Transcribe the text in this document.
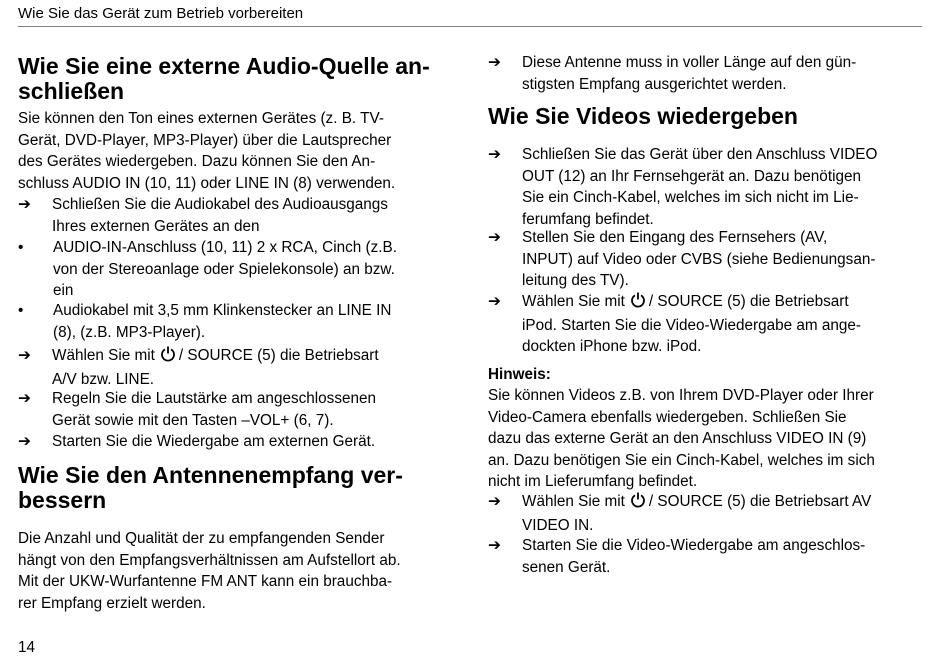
Wie Sie das Gerät zum Betrieb vorbereiten
Wie Sie eine externe Audio-Quelle an-
schließen
Sie können den Ton eines externen Gerätes (z. B. TV-
Gerät, DVD-Player, MP3-Player) über die Lautsprecher
des Gerätes wiedergeben. Dazu können Sie den An-
schluss AUDIO IN (10, 11) oder LINE IN (8) verwenden.
➔	Schließen Sie die Audiokabel des Audioausgangs
Ihres externen Gerätes an den
•	AUDIO-IN-Anschluss (10, 11) 2 x RCA, Cinch (z.B.
von der Stereoanlage oder Spielekonsole) an bzw.
ein
•	Audiokabel mit 3,5 mm Klinkenstecker an LINE IN
(8), (z.B. MP3-Player).
➔	Wählen Sie mit / SOURCE (5) die Betriebsart
A/V bzw. LINE.
➔	Regeln Sie die Lautstärke am angeschlossenen
Gerät sowie mit den Tasten –VOL+ (6, 7).
➔	Starten Sie die Wiedergabe am externen Gerät.
Wie Sie den Antennenempfang ver-
bessern
Die Anzahl und Qualität der zu empfangenden Sender
hängt von den Empfangsverhältnissen am Aufstellort ab.
Mit der UKW-Wurfantenne FM ANT kann ein brauchba-
rer Empfang erzielt werden.
➔	Diese Antenne muss in voller Länge auf den gün-
stigsten Empfang ausgerichtet werden.
Wie Sie Videos wiedergeben
➔	Schließen Sie das Gerät über den Anschluss VIDEO
OUT (12) an Ihr Fernsehgerät an. Dazu benötigen
Sie ein Cinch-Kabel, welches im sich nicht im Lie-
ferumfang befindet.
➔	Stellen Sie den Eingang des Fernsehers (AV,
INPUT) auf Video oder CVBS (siehe Bedienungsan-
leitung des TV).
➔	Wählen Sie mit / SOURCE (5) die Betriebsart
iPod. Starten Sie die Video-Wiedergabe am ange-
dockten iPhone bzw. iPod.
Hinweis:
Sie können Videos z.B. von Ihrem DVD-Player oder Ihrer
Video-Camera ebenfalls wiedergeben. Schließen Sie
dazu das externe Gerät an den Anschluss VIDEO IN (9)
an. Dazu benötigen Sie ein Cinch-Kabel, welches im sich
nicht im Lieferumfang befindet.
➔	Wählen Sie mit / SOURCE (5) die Betriebsart AV
VIDEO IN.
➔	Starten Sie die Video-Wiedergabe am angeschlos-
senen Gerät.
14
